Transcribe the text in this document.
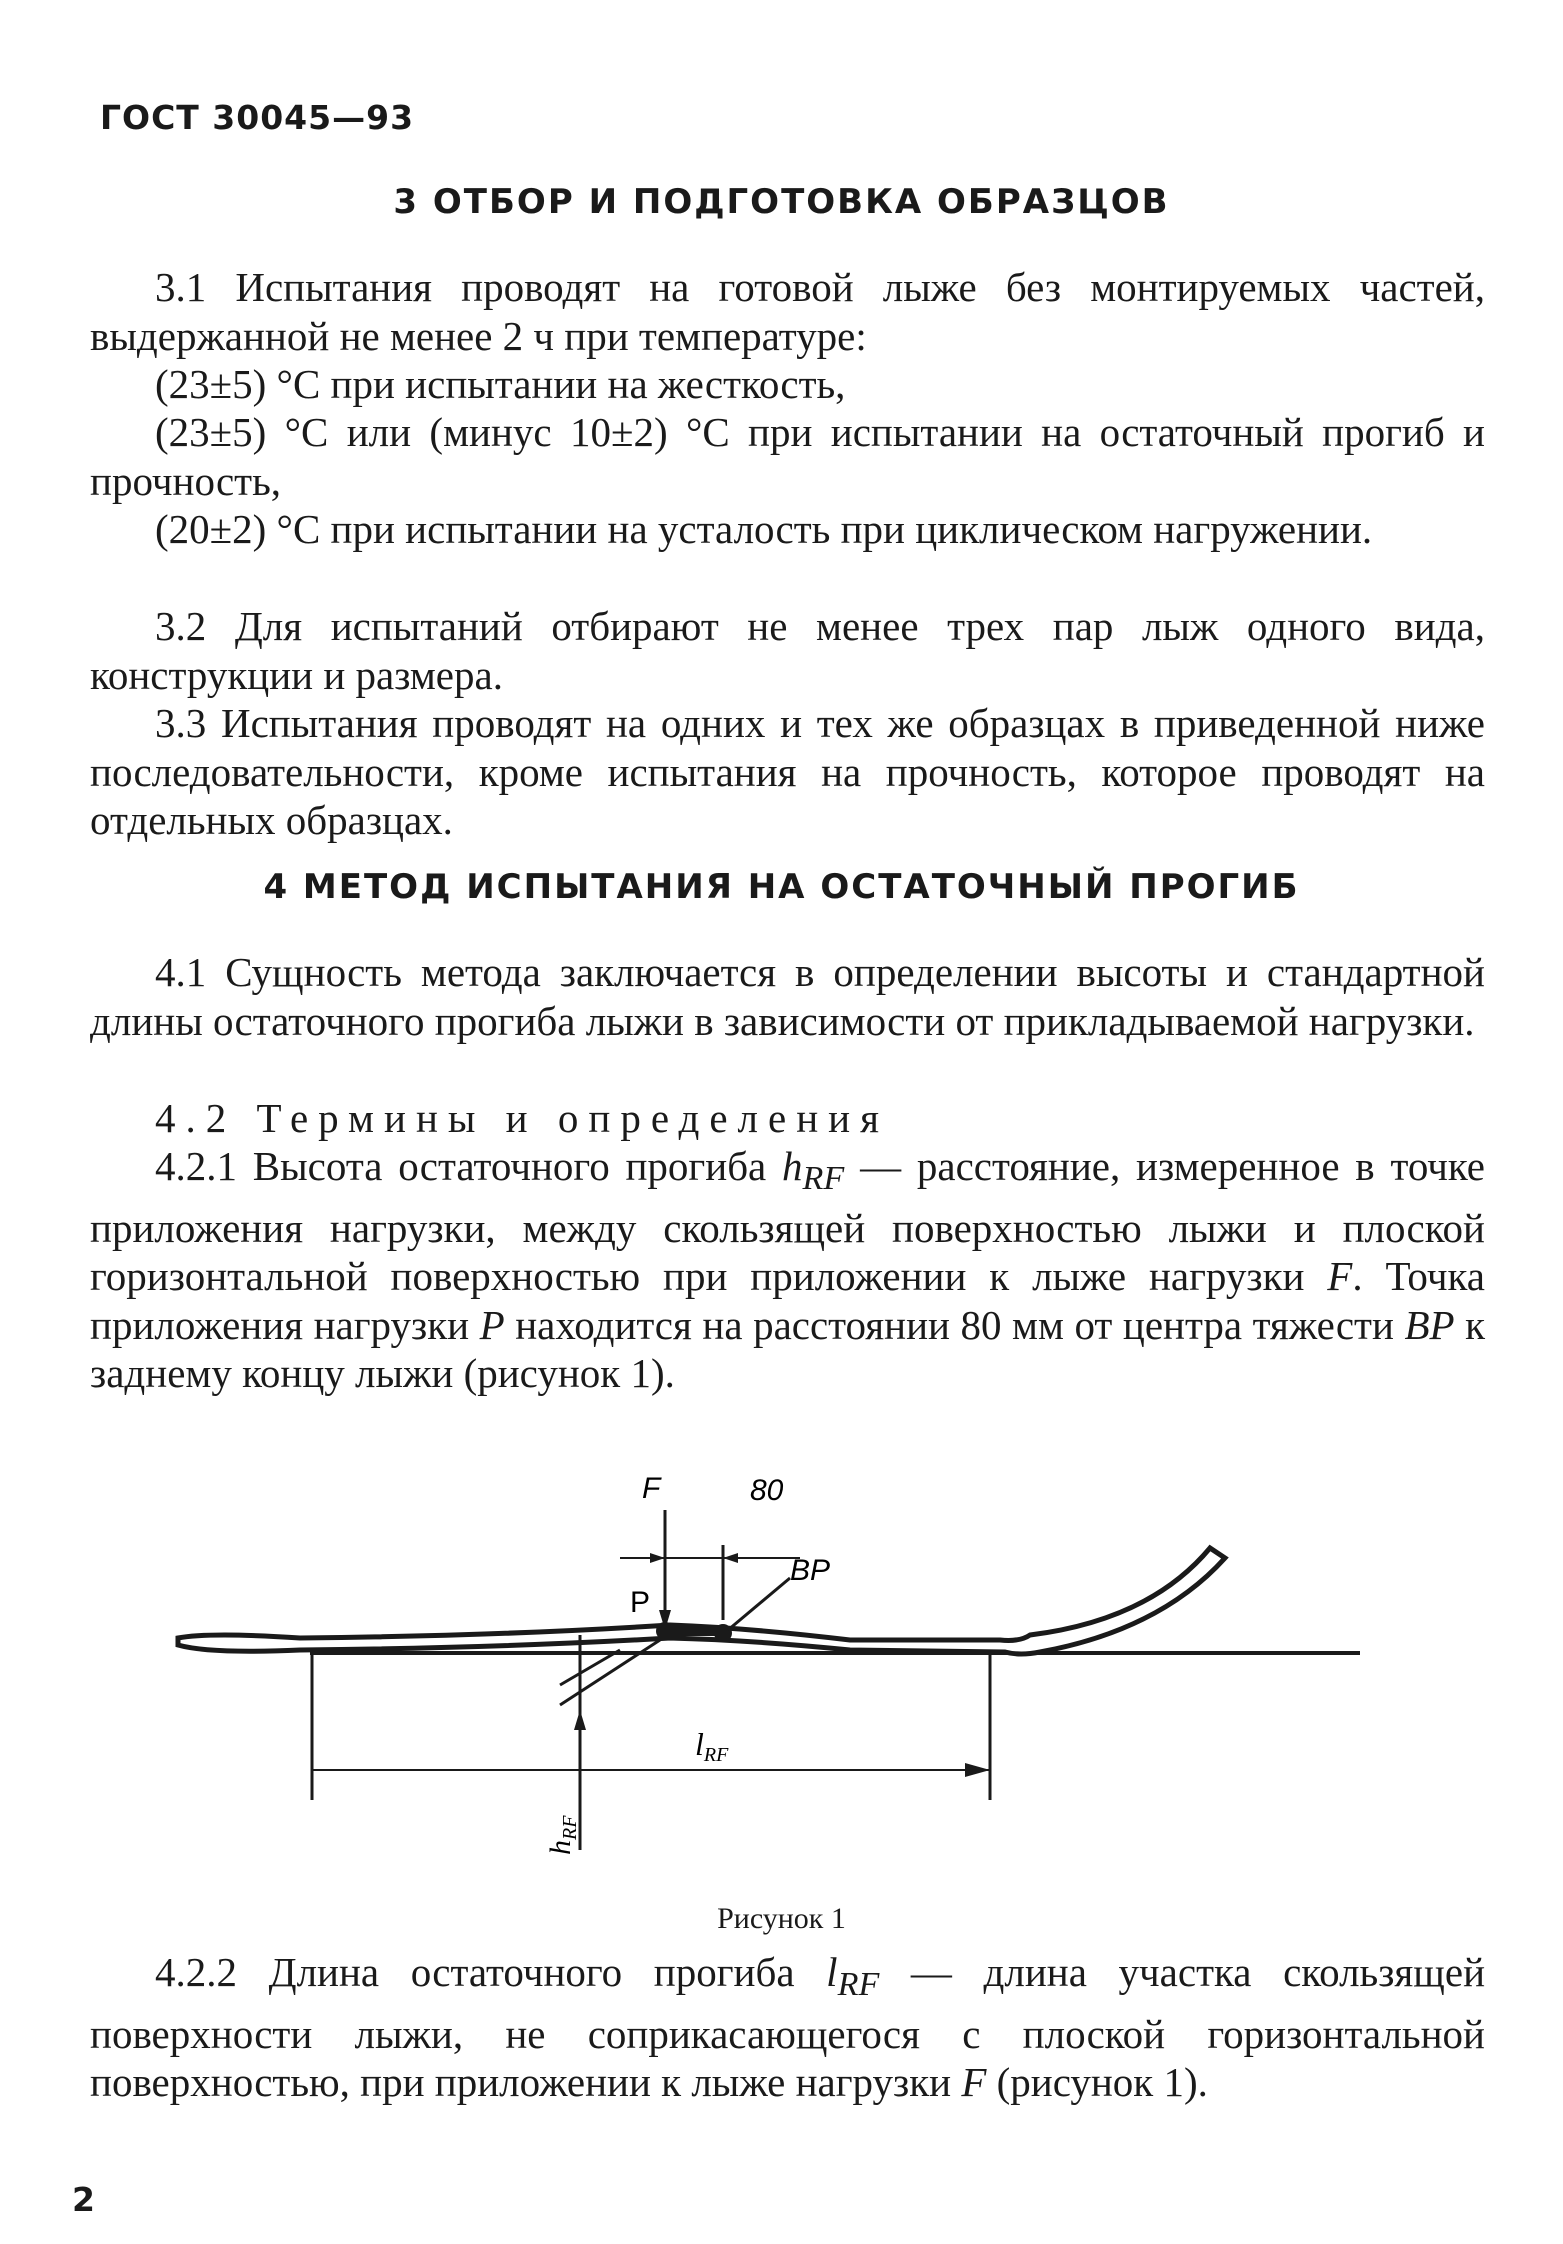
ГОСТ 30045—93
3 ОТБОР И ПОДГОТОВКА ОБРАЗЦОВ

3.1 Испытания проводят на готовой лыже без монтируемых частей, выдержанной не менее 2 ч при температуре:

(23±5) °С при испытании на жесткость,

(23±5) °С или (минус 10±2) °С при испытании на остаточный прогиб и прочность,

(20±2) °С при испытании на усталость при циклическом нагружении.

3.2 Для испытаний отбирают не менее трех пар лыж одного вида, конструкции и размера.

3.3 Испытания проводят на одних и тех же образцах в приведенной ниже последовательности, кроме испытания на прочность, которое проводят на отдельных образцах.

4 МЕТОД ИСПЫТАНИЯ НА ОСТАТОЧНЫЙ ПРОГИБ

4.1 Сущность метода заключается в определении высоты и стандартной длины остаточного прогиба лыжи в зависимости от прикладываемой нагрузки.

4.2 Термины и определения

4.2.1 Высота остаточного прогиба $h_{RF}$ — расстояние, измеренное в точке приложения нагрузки, между скользящей поверхностью лыжи и плоской горизонтальной поверхностью при приложении к лыже нагрузки F. Точка приложения нагрузки P находится на расстоянии 80 мм от центра тяжести BP к заднему концу лыжи (рисунок 1).

F	80
P
BP
lRF
$h_{RF}$
Рисунок 1

4.2.2 Длина остаточного прогиба $l_{RF}$ — длина участка скользящей поверхности лыжи, не соприкасающегося с плоской горизонтальной поверхностью, при приложении к лыже нагрузки F (рисунок 1).

2
